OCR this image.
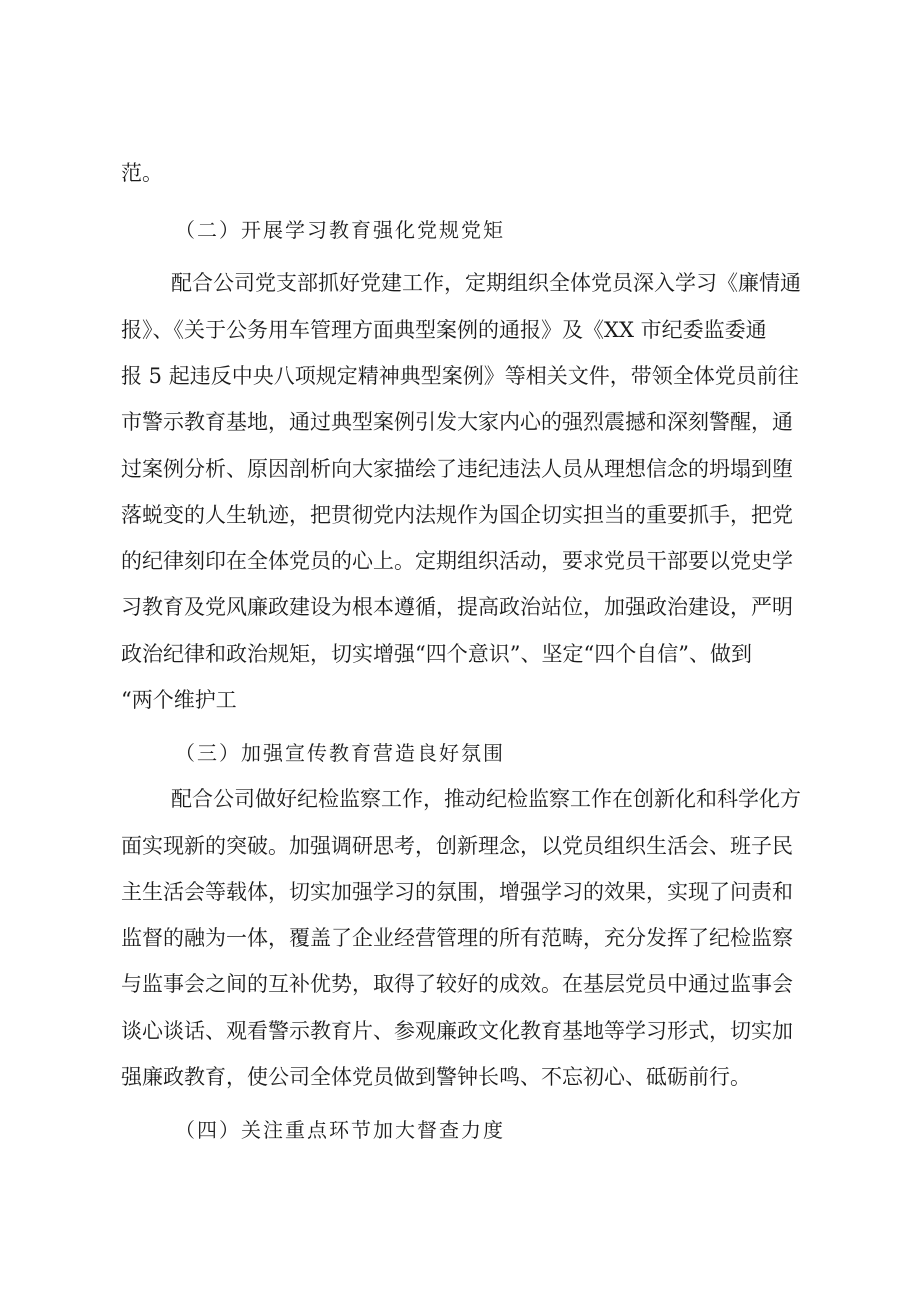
范。
（二）开展学习教育强化党规党矩
配合公司党支部抓好党建工作，定期组织全体党员深入学习《廉情通
报》、《关于公务用车管理方面典型案例的通报》及《XX 市纪委监委通
报 5 起违反中央八项规定精神典型案例》等相关文件，带领全体党员前往
市警示教育基地，通过典型案例引发大家内心的强烈震撼和深刻警醒，通
过案例分析、原因剖析向大家描绘了违纪违法人员从理想信念的坍塌到堕
落蜕变的人生轨迹，把贯彻党内法规作为国企切实担当的重要抓手，把党
的纪律刻印在全体党员的心上。定期组织活动，要求党员干部要以党史学
习教育及党风廉政建设为根本遵循，提高政治站位，加强政治建设，严明
政治纪律和政治规矩，切实增强“四个意识”、坚定“四个自信”、做到
“两个维护工
（三）加强宣传教育营造良好氛围
配合公司做好纪检监察工作，推动纪检监察工作在创新化和科学化方
面实现新的突破。加强调研思考，创新理念，以党员组织生活会、班子民
主生活会等载体，切实加强学习的氛围，增强学习的效果，实现了问责和
监督的融为一体，覆盖了企业经营管理的所有范畴，充分发挥了纪检监察
与监事会之间的互补优势，取得了较好的成效。在基层党员中通过监事会
谈心谈话、观看警示教育片、参观廉政文化教育基地等学习形式，切实加
强廉政教育，使公司全体党员做到警钟长鸣、不忘初心、砥砺前行。
（四）关注重点环节加大督查力度
